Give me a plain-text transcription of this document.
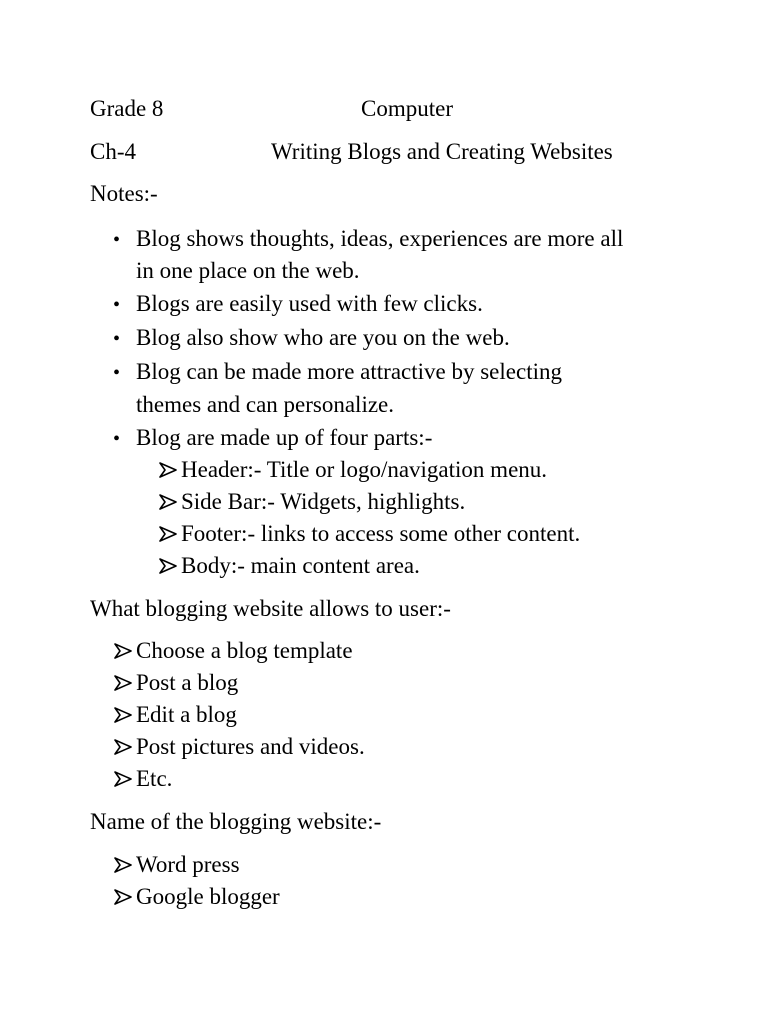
Grade 8	Computer
Ch-4	Writing Blogs and Creating Websites
Notes:-
• Blog shows thoughts, ideas, experiences are more all
in one place on the web.
• Blogs are easily used with few clicks.
• Blog also show who are you on the web.
• Blog can be made more attractive by selecting
themes and can personalize.
• Blog are made up of four parts:-
Header:- Title or logo/navigation menu.
Side Bar:- Widgets, highlights.
Footer:- links to access some other content.
Body:- main content area.
What blogging website allows to user:-
Choose a blog template
Post a blog
Edit a blog
Post pictures and videos.
Etc.
Name of the blogging website:-
Word press
Google blogger
